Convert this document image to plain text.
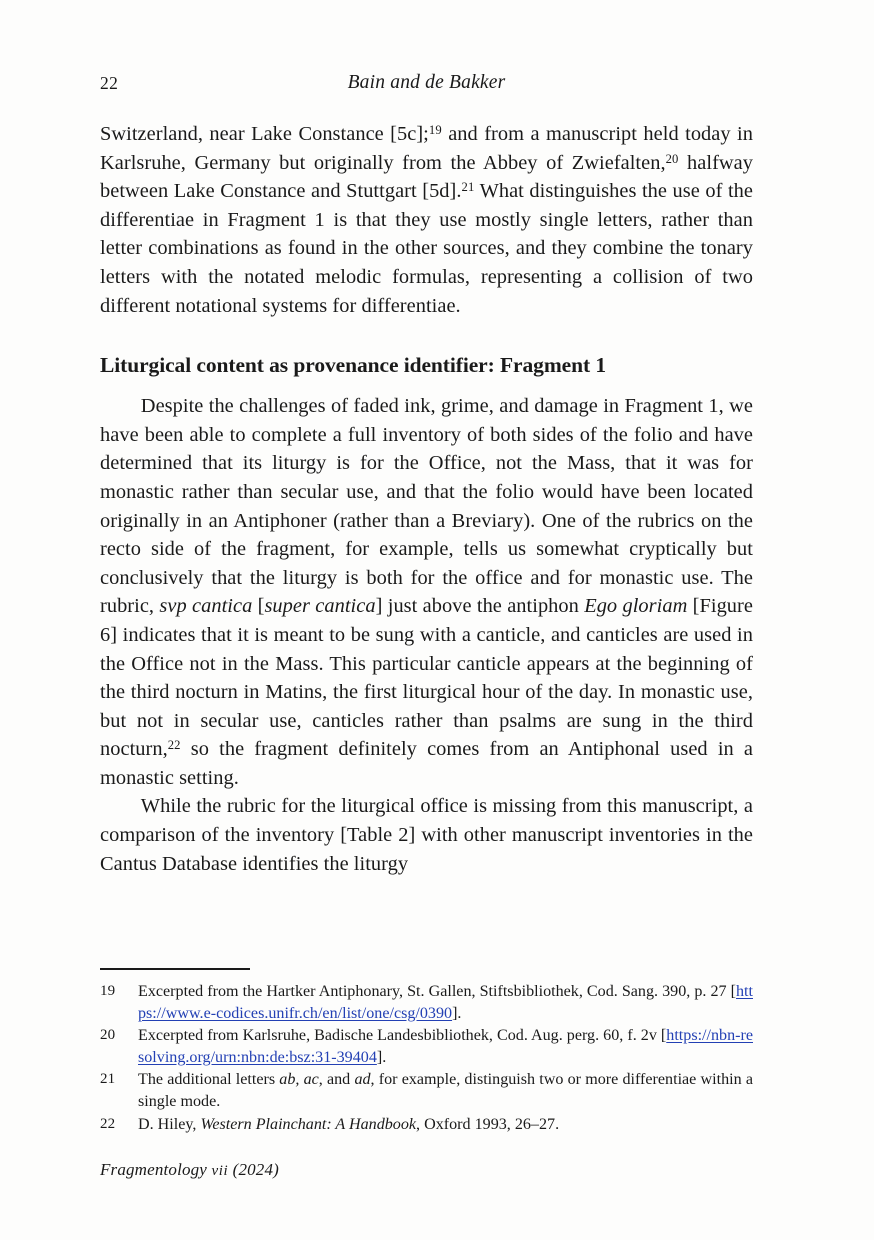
22	Bain and de Bakker

Switzerland, near Lake Constance [5c];$^{19}$ and from a manuscript held today in Karlsruhe, Germany but originally from the Abbey of Zwiefalten,$^{20}$ halfway between Lake Constance and Stuttgart [5d].$^{21}$ What distinguishes the use of the differentiae in Fragment 1 is that they use mostly single letters, rather than letter combinations as found in the other sources, and they combine the tonary letters with the notated melodic formulas, representing a collision of two different notational systems for differentiae.

Liturgical content as provenance identifier: Fragment 1

Despite the challenges of faded ink, grime, and damage in Fragment 1, we have been able to complete a full inventory of both sides of the folio and have determined that its liturgy is for the Office, not the Mass, that it was for monastic rather than secular use, and that the folio would have been located originally in an Antiphoner (rather than a Breviary). One of the rubrics on the recto side of the fragment, for example, tells us somewhat cryptically but conclusively that the liturgy is both for the office and for monastic use. The rubric, svp cantica [super cantica] just above the antiphon Ego gloriam [Figure 6] indicates that it is meant to be sung with a canticle, and canticles are used in the Office not in the Mass. This particular canticle appears at the beginning of the third nocturn in Matins, the first liturgical hour of the day. In monastic use, but not in secular use, canticles rather than psalms are sung in the third nocturn,$^{22}$ so the fragment definitely comes from an Antiphonal used in a monastic setting.

While the rubric for the liturgical office is missing from this manuscript, a comparison of the inventory [Table 2] with other manuscript inventories in the Cantus Database identifies the liturgy

19	Excerpted from the Hartker Antiphonary, St. Gallen, Stiftsbibliothek, Cod. Sang. 390, p. 27 [https://www.e-codices.unifr.ch/en/list/one/csg/0390].
20	Excerpted from Karlsruhe, Badische Landesbibliothek, Cod. Aug. perg. 60, f. 2v [https://nbn-resolving.org/urn:nbn:de:bsz:31-39404].
21	The additional letters ab, ac, and ad, for example, distinguish two or more differentiae within a single mode.
22	D. Hiley, Western Plainchant: A Handbook, Oxford 1993, 26–27.
Fragmentology vii (2024)
